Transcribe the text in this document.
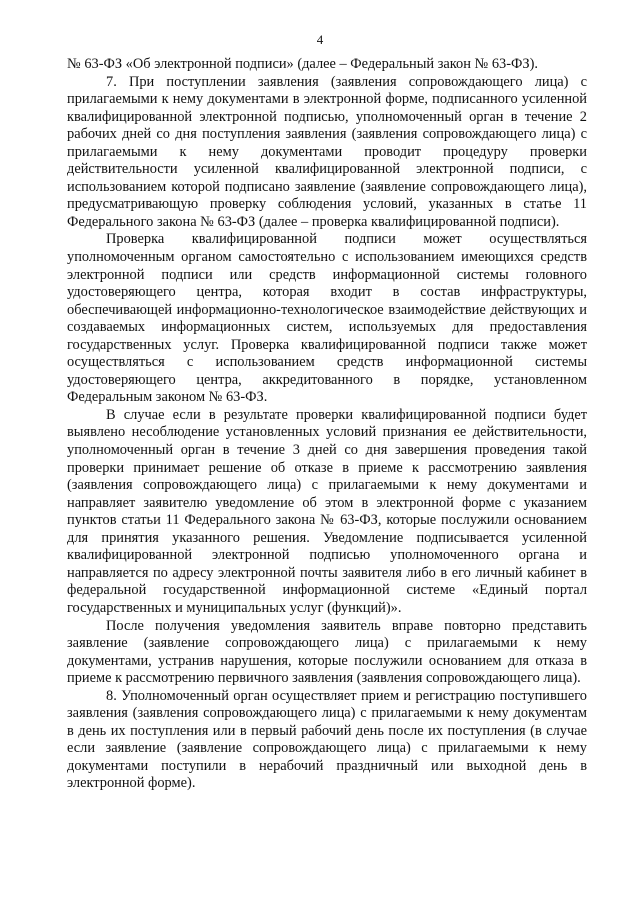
4

№ 63-ФЗ «Об электронной подписи» (далее – Федеральный закон № 63-ФЗ).

7. При поступлении заявления (заявления сопровождающего лица) с прилагаемыми к нему документами в электронной форме, подписанного усиленной квалифицированной электронной подписью, уполномоченный орган в течение 2 рабочих дней со дня поступления заявления (заявления сопровождающего лица) с прилагаемыми к нему документами проводит процедуру проверки действительности усиленной квалифицированной электронной подписи, с использованием которой подписано заявление (заявление сопровождающего лица), предусматривающую проверку соблюдения условий, указанных в статье 11 Федерального закона № 63-ФЗ (далее – проверка квалифицированной подписи).

Проверка квалифицированной подписи может осуществляться уполномоченным органом самостоятельно с использованием имеющихся средств электронной подписи или средств информационной системы головного удостоверяющего центра, которая входит в состав инфраструктуры, обеспечивающей информационно-технологическое взаимодействие действующих и создаваемых информационных систем, используемых для предоставления государственных услуг. Проверка квалифицированной подписи также может осуществляться с использованием средств информационной системы удостоверяющего центра, аккредитованного в порядке, установленном Федеральным законом № 63-ФЗ.

В случае если в результате проверки квалифицированной подписи будет выявлено несоблюдение установленных условий признания ее действительности, уполномоченный орган в течение 3 дней со дня завершения проведения такой проверки принимает решение об отказе в приеме к рассмотрению заявления (заявления сопровождающего лица) с прилагаемыми к нему документами и направляет заявителю уведомление об этом в электронной форме с указанием пунктов статьи 11 Федерального закона № 63-ФЗ, которые послужили основанием для принятия указанного решения. Уведомление подписывается усиленной квалифицированной электронной подписью уполномоченного органа и направляется по адресу электронной почты заявителя либо в его личный кабинет в федеральной государственной информационной системе «Единый портал государственных и муниципальных услуг (функций)».

После получения уведомления заявитель вправе повторно представить заявление (заявление сопровождающего лица) с прилагаемыми к нему документами, устранив нарушения, которые послужили основанием для отказа в приеме к рассмотрению первичного заявления (заявления сопровождающего лица).

8. Уполномоченный орган осуществляет прием и регистрацию поступившего заявления (заявления сопровождающего лица) с прилагаемыми к нему документам в день их поступления или в первый рабочий день после их поступления (в случае если заявление (заявление сопровождающего лица) с прилагаемыми к нему документами поступили в нерабочий праздничный или выходной день в электронной форме).
